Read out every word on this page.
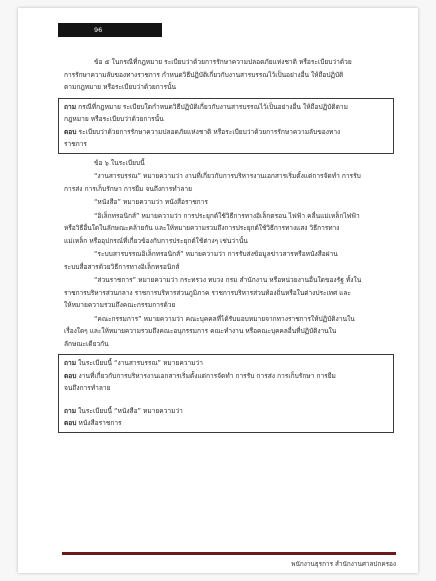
96

ข้อ ๕ ในกรณีที่กฎหมาย ระเบียบว่าด้วยการรักษาความปลอดภัยแห่งชาติ หรือระเบียบว่าด้วย

การรักษาความลับของทางราชการ กำหนดวิธีปฏิบัติเกี่ยวกับงานสารบรรณไว้เป็นอย่างอื่น ให้ถือปฏิบัติ

ตามกฎหมาย หรือระเบียบว่าด้วยการนั้น

ถาม กรณีที่กฎหมาย ระเบียบใดกำหนดวิธีปฏิบัติเกี่ยวกับงานสารบรรณไว้เป็นอย่างอื่น ให้ถือปฏิบัติตาม

กฎหมาย หรือระเบียบว่าด้วยการนั้น

ตอบ ระเบียบว่าด้วยการรักษาความปลอดภัยแห่งชาติ หรือระเบียบว่าด้วยการรักษาความลับของทาง

ราชการ

ข้อ ๖ ในระเบียบนี้

“งานสารบรรณ” หมายความว่า งานที่เกี่ยวกับการบริหารงานเอกสารเริ่มตั้งแต่การจัดทำ การรับ

การส่ง การเก็บรักษา การยืม จนถึงการทำลาย

“หนังสือ” หมายความว่า หนังสือราชการ

“อิเล็กทรอนิกส์” หมายความว่า การประยุกต์ใช้วิธีการทางอิเล็กตรอน ไฟฟ้า คลื่นแม่เหล็กไฟฟ้า

หรือวิธีอื่นใดในลักษณะคล้ายกัน และให้หมายความรวมถึงการประยุกต์ใช้วิธีการทางแสง วิธีการทาง

แม่เหล็ก หรืออุปกรณ์ที่เกี่ยวข้องกับการประยุกต์ใช้ต่างๆ เช่นว่านั้น

“ระบบสารบรรณอิเล็กทรอนิกส์” หมายความว่า การรับส่งข้อมูลข่าวสารหรือหนังสือผ่าน

ระบบสื่อสารด้วยวิธีการทางอิเล็กทรอนิกส์

“ส่วนราชการ” หมายความว่า กระทรวง ทบวง กรม สำนักงาน หรือหน่วยงานอื่นใดของรัฐ ทั้งใน

ราชการบริหารส่วนกลาง ราชการบริหารส่วนภูมิภาค ราชการบริหารส่วนท้องถิ่นหรือในต่างประเทศ และ

ให้หมายความรวมถึงคณะกรรมการด้วย

“คณะกรรมการ” หมายความว่า คณะบุคคลที่ได้รับมอบหมายจากทางราชการให้ปฏิบัติงานใน

เรื่องใดๆ และให้หมายความรวมถึงคณะอนุกรรมการ คณะทำงาน หรือคณะบุคคลอื่นที่ปฏิบัติงานใน

ลักษณะเดียวกัน

ถาม ในระเบียบนี้ “งานสารบรรณ” หมายความว่า

ตอบ งานที่เกี่ยวกับการบริหารงานเอกสารเริ่มตั้งแต่การจัดทำ การรับ การส่ง การเก็บรักษา การยืม

จนถึงการทำลาย

ถาม ในระเบียบนี้ “หนังสือ” หมายความว่า

ตอบ หนังสือราชการ

พนักงานธุรการ สำนักงานศาลปกครอง
